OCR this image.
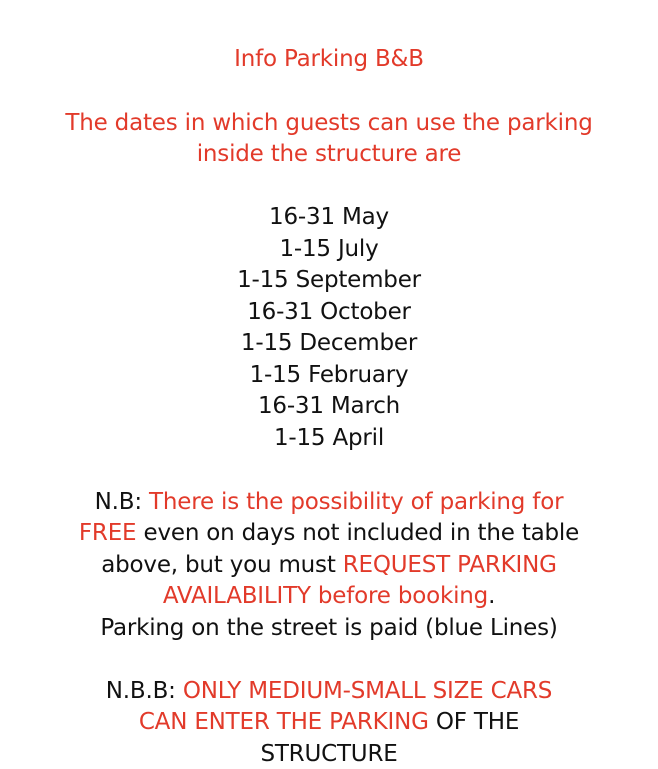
Info Parking B&B
The dates in which guests can use the parking
inside the structure are
16-31 May
1-15 July
1-15 September
16-31 October
1-15 December
1-15 February
16-31 March
1-15 April
N.B: There is the possibility of parking for
FREE even on days not included in the table
above, but you must REQUEST PARKING
AVAILABILITY before booking.
Parking on the street is paid (blue Lines)
N.B.B: ONLY MEDIUM-SMALL SIZE CARS
CAN ENTER THE PARKING OF THE
STRUCTURE
